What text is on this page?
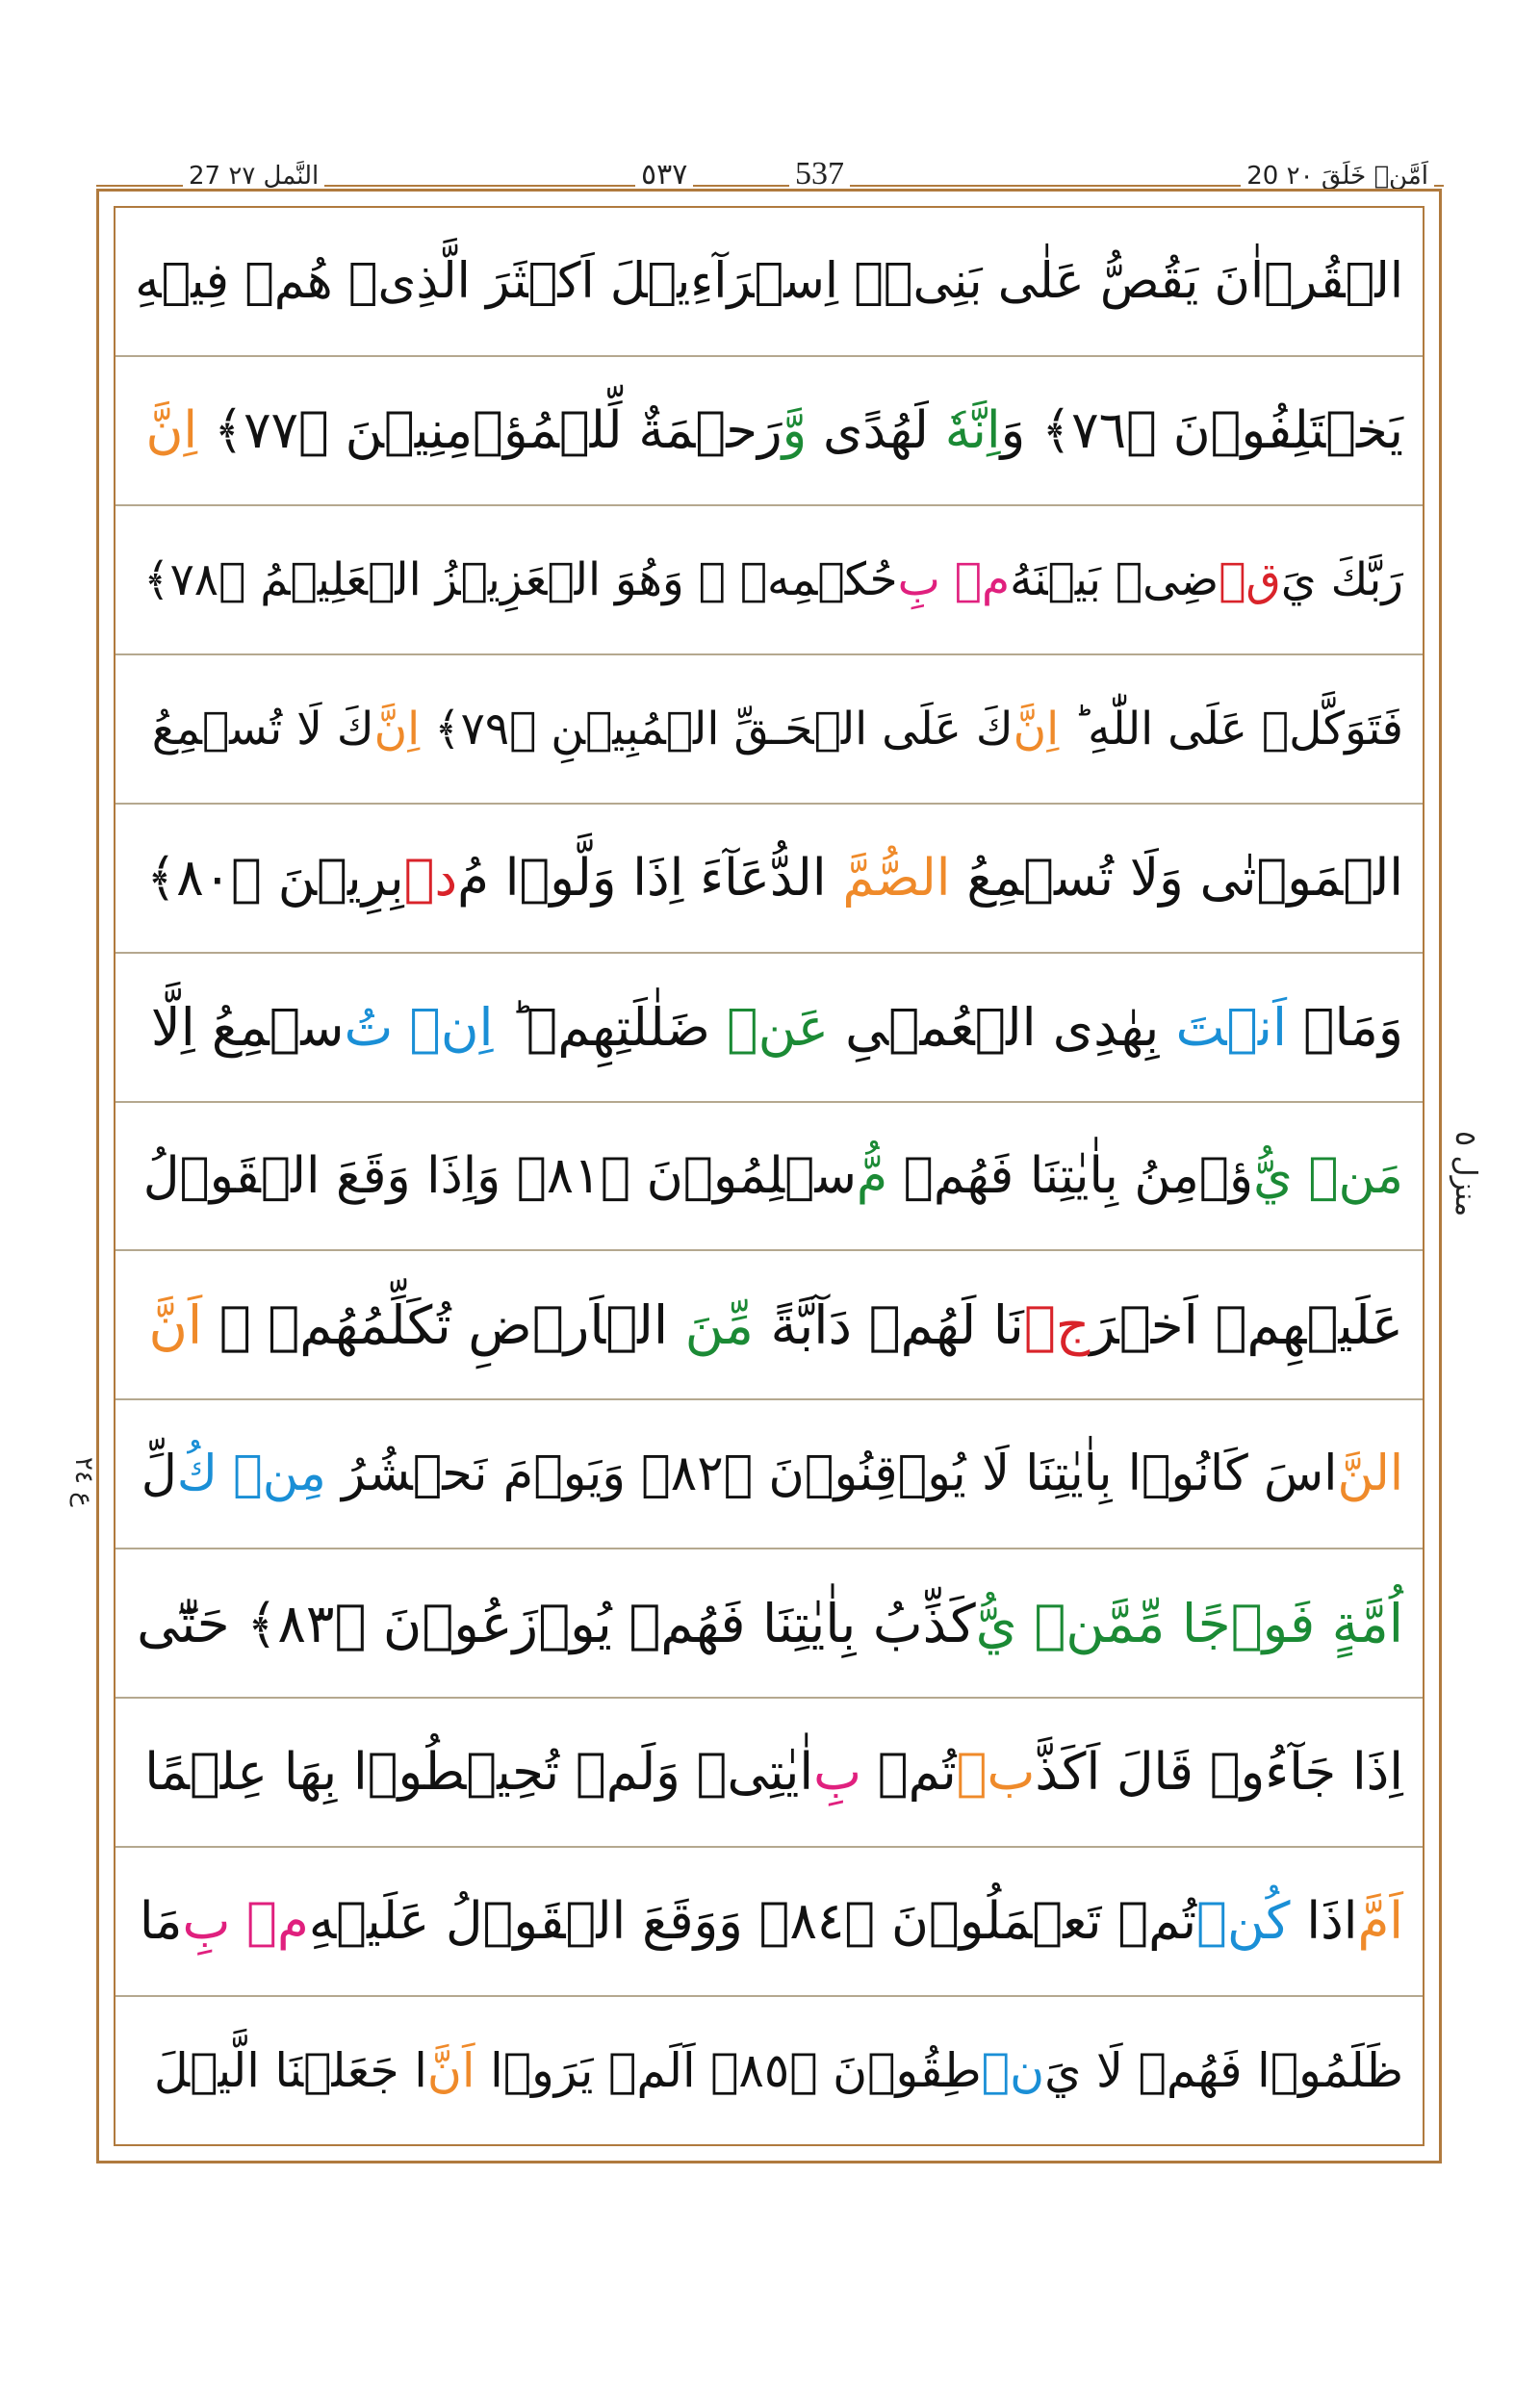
20 اَمَّنۡ خَلَقَ ٢٠
537
٥٣٧
27 النَّمل ٢٧
الۡقُرۡاٰنَ يَقُصُّ عَلٰى بَنِىۡۤ اِسۡرَآءِيۡلَ اَكۡثَرَ الَّذِىۡ هُمۡ فِيۡهِ
يَخۡتَلِفُوۡنَ ﴿٧٦﴾ وَ
اِنَّهٗ
لَهُدًى
وَّ
رَحۡمَةٌ لِّلۡمُؤۡمِنِيۡنَ ﴿٧٧﴾
اِنَّ
رَبَّكَ يَ
قۡ
ضِىۡ بَيۡنَهُ
مۡ بِ
حُكۡمِهٖ ۚ وَهُوَ الۡعَزِيۡزُ الۡعَلِيۡمُ ﴿٧٨﴾
فَتَوَكَّلۡ عَلَى اللّٰهِ ؕ
اِنَّ
كَ عَلَى الۡحَـقِّ الۡمُبِيۡنِ ﴿٧٩﴾
اِنَّ
كَ لَا تُسۡمِعُ
الۡمَوۡتٰى وَلَا تُسۡمِعُ
الصُّمَّ
الدُّعَآءَ اِذَا وَلَّوۡا مُ
دۡ
بِرِيۡنَ ﴿٨٠﴾
وَمَاۤ
اَنۡتَ
بِهٰدِى الۡعُمۡىِ
عَنۡ
ضَلٰلَتِهِمۡ ؕ
اِنۡ تُ
سۡمِعُ اِلَّا
مَنۡ يُّ
ؤۡمِنُ بِاٰيٰتِنَا فَهُمۡ
مُّ
سۡلِمُوۡنَ ﴿٨١﴾ وَاِذَا وَقَعَ الۡقَوۡلُ
عَلَيۡهِمۡ اَخۡرَ
جۡ
نَا لَهُمۡ دَآبَّةً
مِّنَ
الۡاَرۡضِ تُكَلِّمُهُمۡ ۙ
اَنَّ
النَّ
اسَ كَانُوۡا بِاٰيٰتِنَا لَا يُوۡقِنُوۡنَ ﴿٨٢﴾ وَيَوۡمَ نَحۡشُرُ
مِنۡ كُ
لِّ
اُمَّةٍ فَوۡجًا مِّمَّنۡ يُّ
كَذِّبُ بِاٰيٰتِنَا فَهُمۡ يُوۡزَعُوۡنَ ﴿٨٣﴾ حَتّٰٓى
اِذَا جَآءُوۡ قَالَ اَكَذَّ
بۡ
تُمۡ
بِ
اٰيٰتِىۡ وَلَمۡ تُحِيۡطُوۡا بِهَا عِلۡمًا
اَمَّ
اذَا
كُنۡ
تُمۡ تَعۡمَلُوۡنَ ﴿٨٤﴾ وَوَقَعَ الۡقَوۡلُ عَلَيۡهِ
مۡ بِ
مَا
ظَلَمُوۡا فَهُمۡ لَا يَ
نۡ
طِقُوۡنَ ﴿٨٥﴾ اَلَمۡ يَرَوۡا
اَنَّ
ا جَعَلۡنَا الَّيۡلَ
منزل ٥
ع ۲٤
